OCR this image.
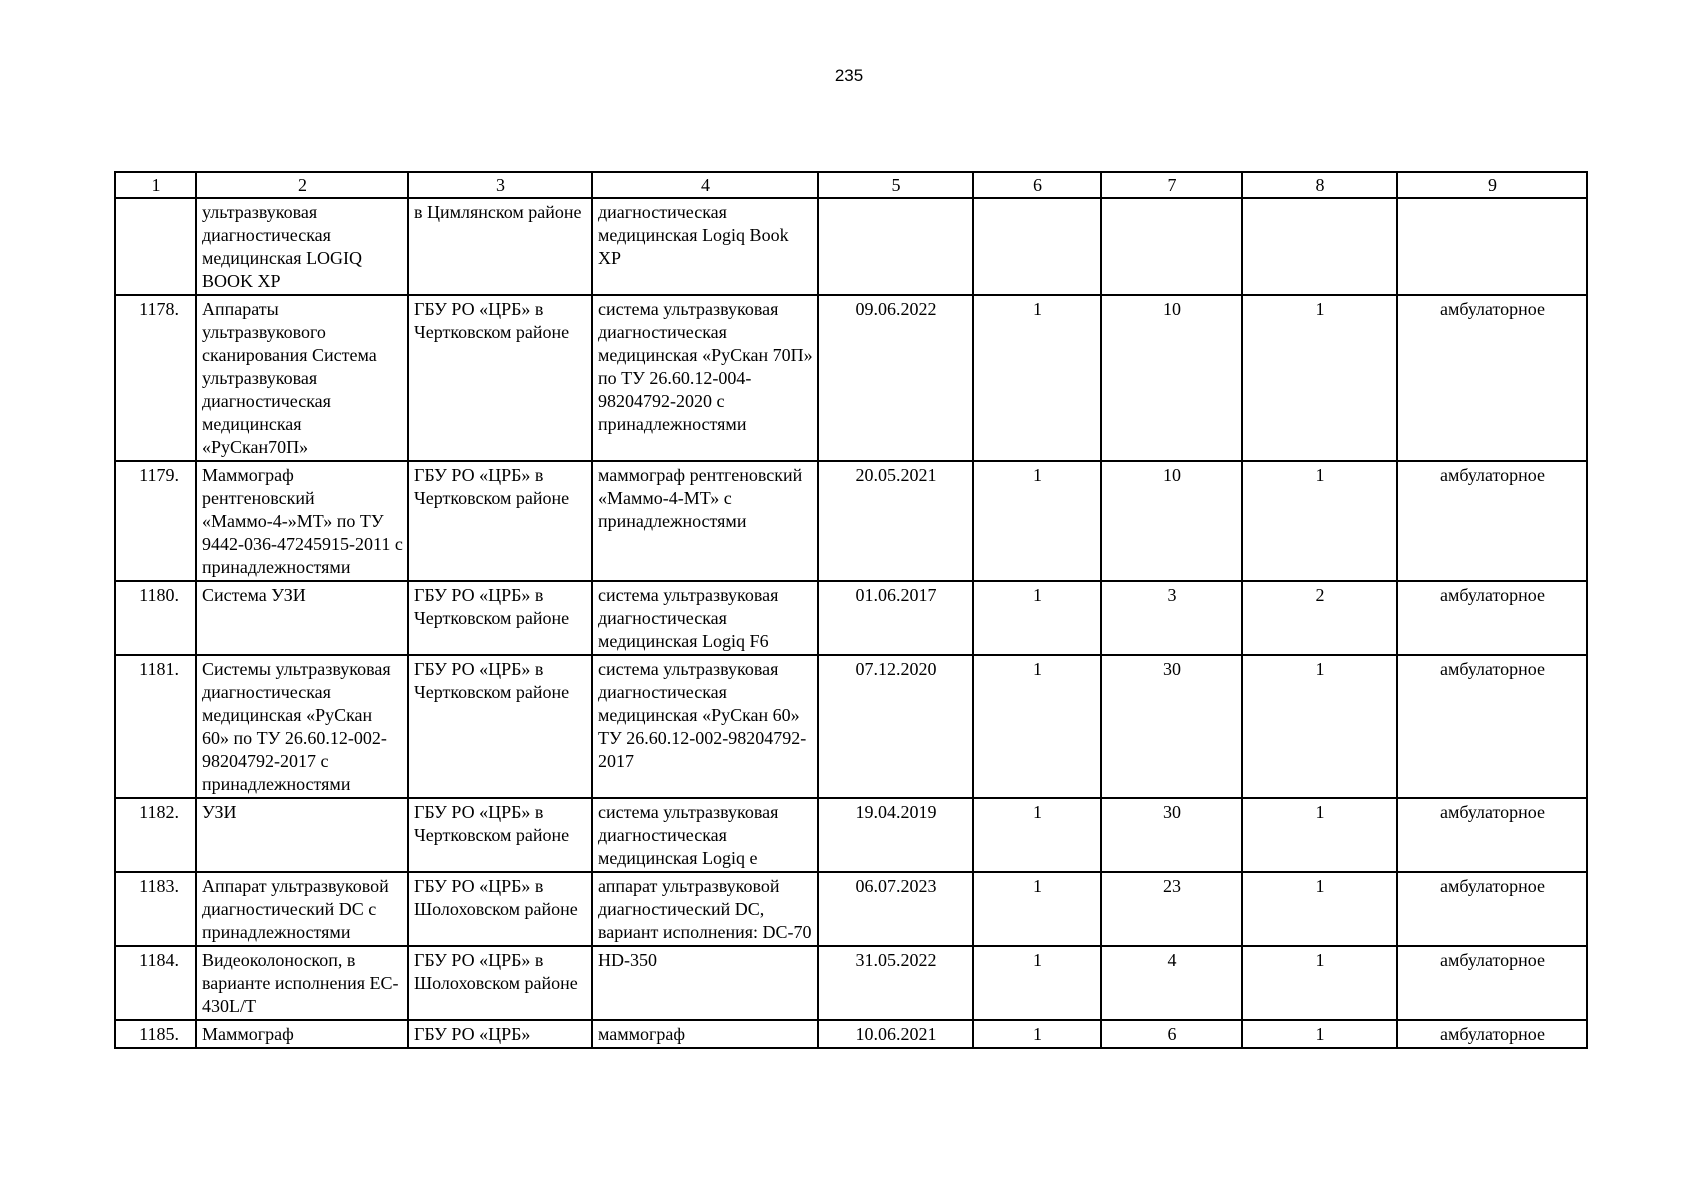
235
1	2	3	4	5	6	7	8	9
	ультразвуковая диагностическая медицинская LOGIQ BOOK XP	в Цимлянском районе	диагностическая медицинская Logiq Book XP					
1178.	Аппараты ультразвукового сканирования Система ультразвуковая диагностическая медицинская «РуСкан70П»	ГБУ РО «ЦРБ» в Чертковском районе	система ультразвуковая диагностическая медицинская «РуСкан 70П» по ТУ 26.60.12-004-98204792-2020 с принадлежностями	09.06.2022	1	10	1	амбулаторное
1179.	Маммограф рентгеновский «Маммо-4-»МТ» по ТУ 9442-036-47245915-2011 с принадлежностями	ГБУ РО «ЦРБ» в Чертковском районе	маммограф рентгеновский «Маммо-4-МТ» с принадлежностями	20.05.2021	1	10	1	амбулаторное
1180.	Система УЗИ	ГБУ РО «ЦРБ» в Чертковском районе	система ультразвуковая диагностическая медицинская Logiq F6	01.06.2017	1	3	2	амбулаторное
1181.	Системы ультразвуковая диагностическая медицинская «РуСкан 60» по ТУ 26.60.12-002-98204792-2017 с принадлежностями	ГБУ РО «ЦРБ» в Чертковском районе	система ультразвуковая диагностическая медицинская «РуСкан 60» ТУ 26.60.12-002-98204792-2017	07.12.2020	1	30	1	амбулаторное
1182.	УЗИ	ГБУ РО «ЦРБ» в Чертковском районе	система ультразвуковая диагностическая медицинская Logiq e	19.04.2019	1	30	1	амбулаторное
1183.	Аппарат ультразвуковой диагностический DC с принадлежностями	ГБУ РО «ЦРБ» в Шолоховском районе	аппарат ультразвуковой диагностический DC, вариант исполнения: DC-70	06.07.2023	1	23	1	амбулаторное
1184.	Видеоколоноскоп, в варианте исполнения EC-430L/T	ГБУ РО «ЦРБ» в Шолоховском районе	HD-350	31.05.2022	1	4	1	амбулаторное
1185.	Маммограф	ГБУ РО «ЦРБ»	маммограф	10.06.2021	1	6	1	амбулаторное
